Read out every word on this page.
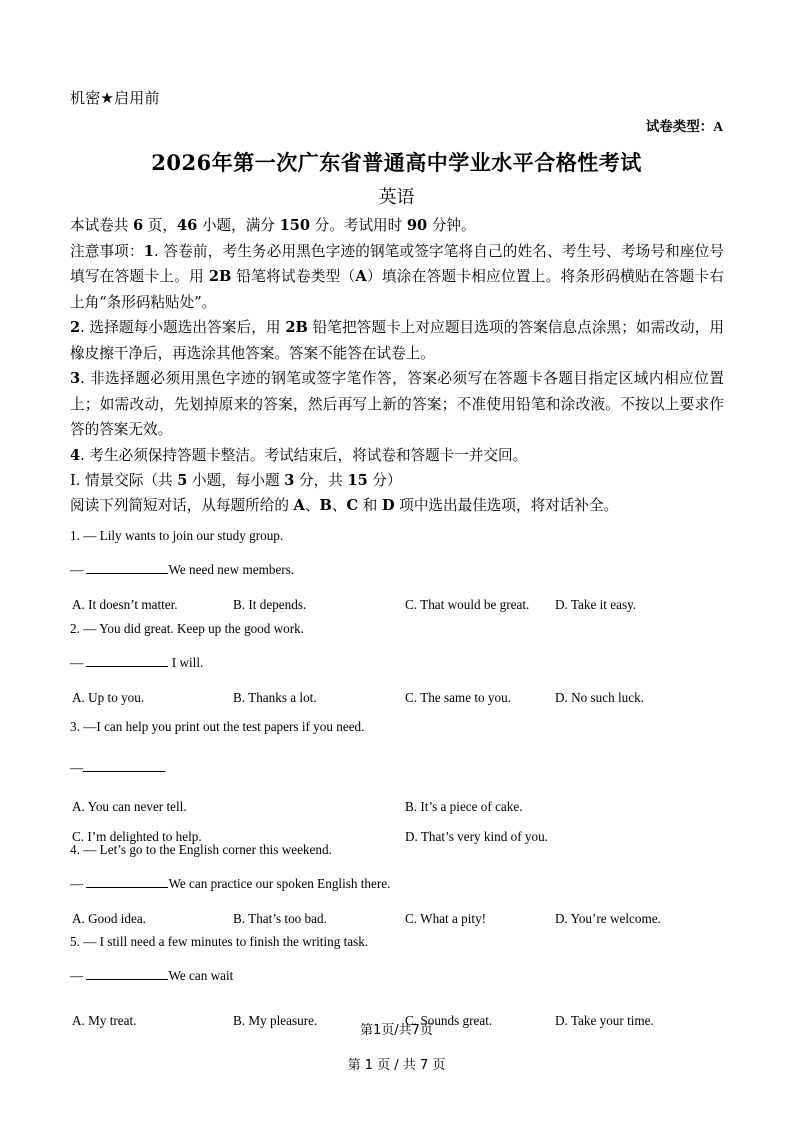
机密★启用前
试卷类型：A
2026年第一次广东省普通高中学业水平合格性考试
英语

本试卷共 6 页，46 小题，满分 150 分。考试用时 90 分钟。

注意事项：1. 答卷前，考生务必用黑色字迹的钢笔或签字笔将自己的姓名、考生号、考场号和座位号填写在答题卡上。用 2B 铅笔将试卷类型（A）填涂在答题卡相应位置上。将条形码横贴在答题卡右上角“条形码粘贴处”。

2. 选择题每小题选出答案后，用 2B 铅笔把答题卡上对应题目选项的答案信息点涂黑；如需改动，用橡皮擦干净后，再选涂其他答案。答案不能答在试卷上。

3. 非选择题必须用黑色字迹的钢笔或签字笔作答，答案必须写在答题卡各题目指定区域内相应位置上；如需改动，先划掉原来的答案，然后再写上新的答案；不准使用铅笔和涂改液。不按以上要求作答的答案无效。

4. 考生必须保持答题卡整洁。考试结束后，将试卷和答题卡一并交回。

Ⅰ. 情景交际（共 5 小题，每小题 3 分，共 15 分）
阅读下列简短对话，从每题所给的 A、B、C 和 D 项中选出最佳选项，将对话补全。
1. — Lily wants to join our study group.
—	We need new members.
A. It doesn’t matter.	B. It depends.	C. That would be great. D. Take it easy.
2. — You did great. Keep up the good work.
—	I will.
A. Up to you.	B. Thanks a lot.	C. The same to you.	D. No such luck.
3. —I can help you print out the test papers if you need.
—
A. You can never tell.	B. It’s a piece of cake.
C. I’m delighted to help.	D. That’s very kind of you.
4. — Let’s go to the English corner this weekend.
—	We can practice our spoken English there.
A. Good idea.	B. That’s too bad.	C. What a pity!	D. You’re welcome.
5. — I still need a few minutes to finish the writing task.
—	We can wait
A. My treat.	B. My pleasure.	C. Sounds great.	D. Take your time.
第1页/共7页
第 1 页 / 共 7 页
